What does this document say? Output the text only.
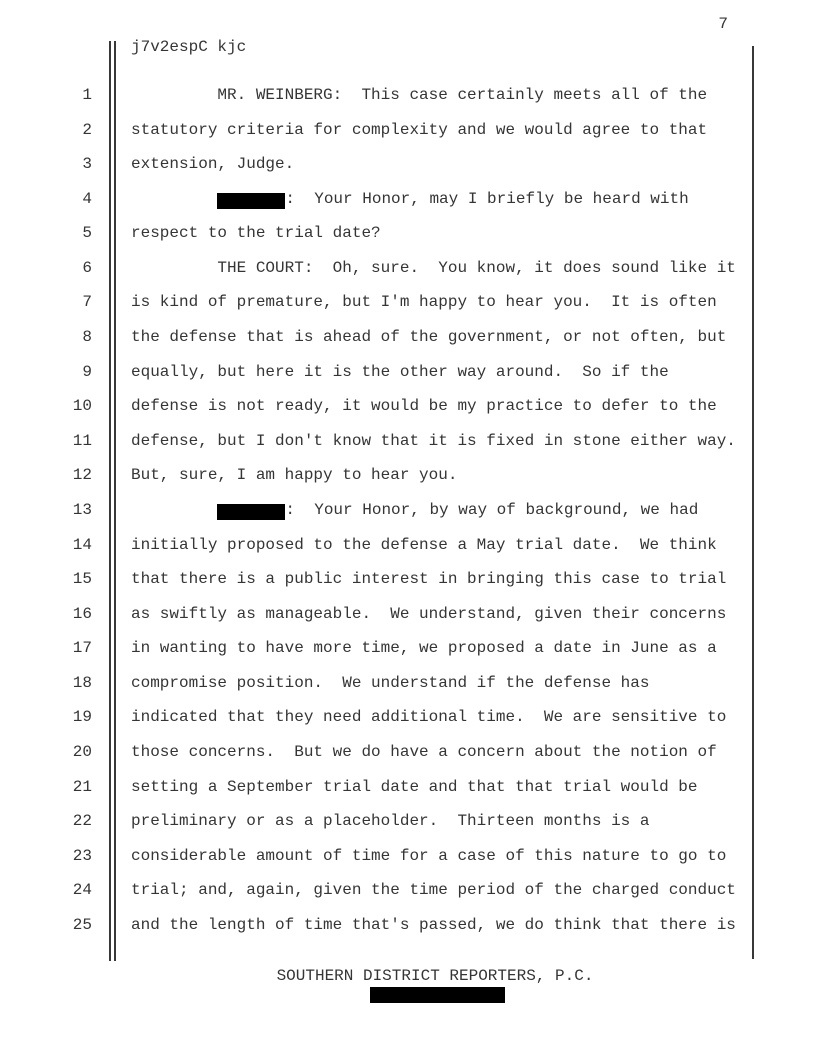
7
j7v2espC kjc
1 MR. WEINBERG:  This case certainly meets all of the
2 statutory criteria for complexity and we would agree to that
3 extension, Judge.
4	:  Your Honor, may I briefly be heard with
5 respect to the trial date?
6 THE COURT:  Oh, sure.  You know, it does sound like it
7 is kind of premature, but I'm happy to hear you.  It is often
8 the defense that is ahead of the government, or not often, but
9 equally, but here it is the other way around.  So if the
10 defense is not ready, it would be my practice to defer to the
11 defense, but I don't know that it is fixed in stone either way.
12 But, sure, I am happy to hear you.
13	:  Your Honor, by way of background, we had
14 initially proposed to the defense a May trial date.  We think
15 that there is a public interest in bringing this case to trial
16 as swiftly as manageable.  We understand, given their concerns
17 in wanting to have more time, we proposed a date in June as a
18 compromise position.  We understand if the defense has
19 indicated that they need additional time.  We are sensitive to
20 those concerns.  But we do have a concern about the notion of
21 setting a September trial date and that that trial would be
22 preliminary or as a placeholder.  Thirteen months is a
23 considerable amount of time for a case of this nature to go to
24 trial; and, again, given the time period of the charged conduct
25 and the length of time that's passed, we do think that there is
SOUTHERN DISTRICT REPORTERS, P.C.
